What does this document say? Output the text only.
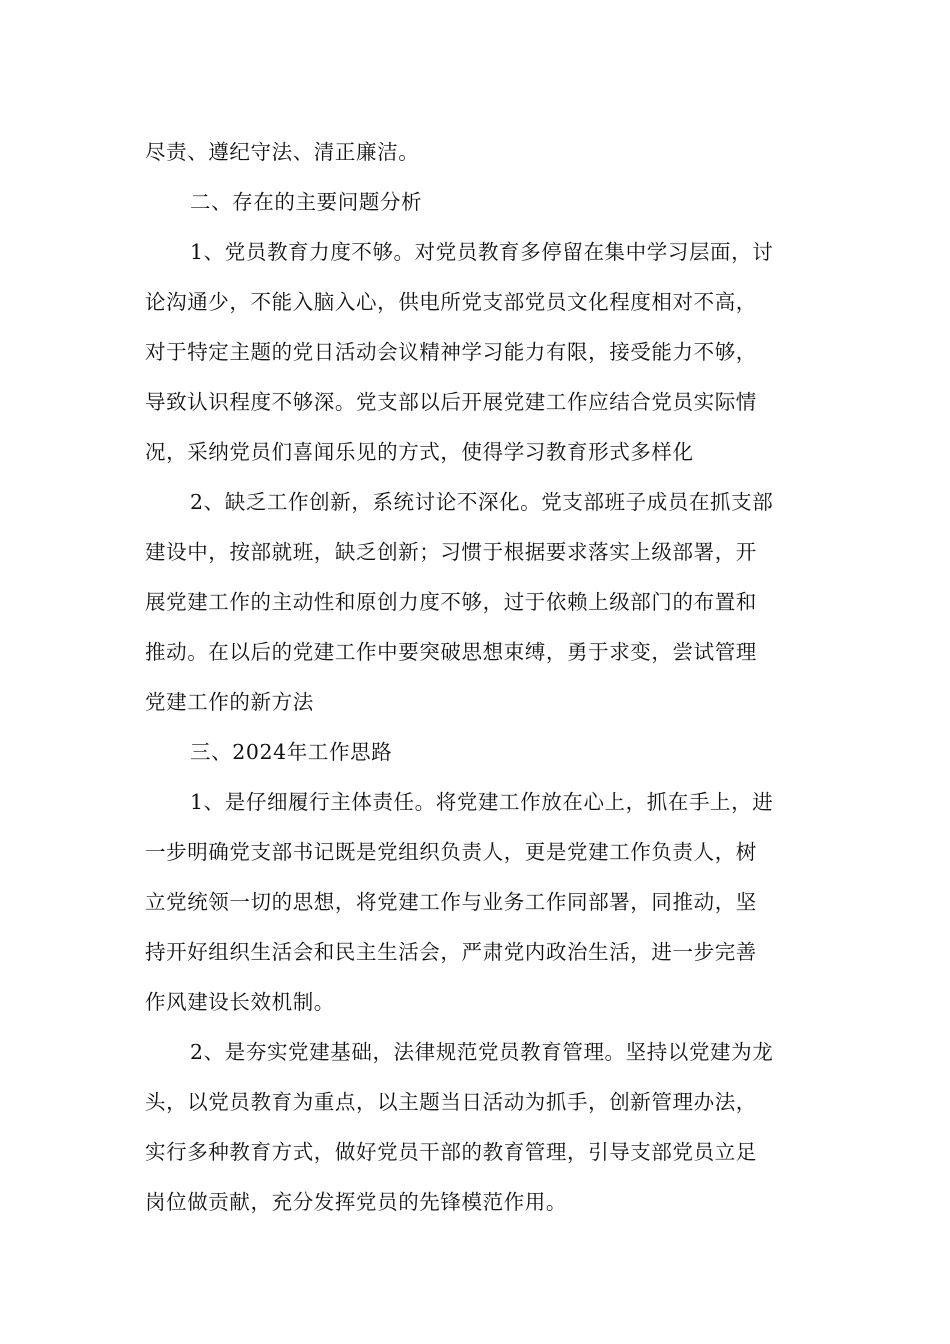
尽责、遵纪守法、清正廉洁。

二、存在的主要问题分析

1、党员教育力度不够。对党员教育多停留在集中学习层面，讨

论沟通少，不能入脑入心，供电所党支部党员文化程度相对不高，

对于特定主题的党日活动会议精神学习能力有限，接受能力不够，

导致认识程度不够深。党支部以后开展党建工作应结合党员实际情

况，采纳党员们喜闻乐见的方式，使得学习教育形式多样化

2、缺乏工作创新，系统讨论不深化。党支部班子成员在抓支部

建设中，按部就班，缺乏创新；习惯于根据要求落实上级部署，开

展党建工作的主动性和原创力度不够，过于依赖上级部门的布置和

推动。在以后的党建工作中要突破思想束缚，勇于求变，尝试管理

党建工作的新方法

三、2024年工作思路

1、是仔细履行主体责任。将党建工作放在心上，抓在手上，进

一步明确党支部书记既是党组织负责人，更是党建工作负责人，树

立党统领一切的思想，将党建工作与业务工作同部署，同推动，坚

持开好组织生活会和民主生活会，严肃党内政治生活，进一步完善

作风建设长效机制。

2、是夯实党建基础，法律规范党员教育管理。坚持以党建为龙

头，以党员教育为重点，以主题当日活动为抓手，创新管理办法，

实行多种教育方式，做好党员干部的教育管理，引导支部党员立足

岗位做贡献，充分发挥党员的先锋模范作用。
